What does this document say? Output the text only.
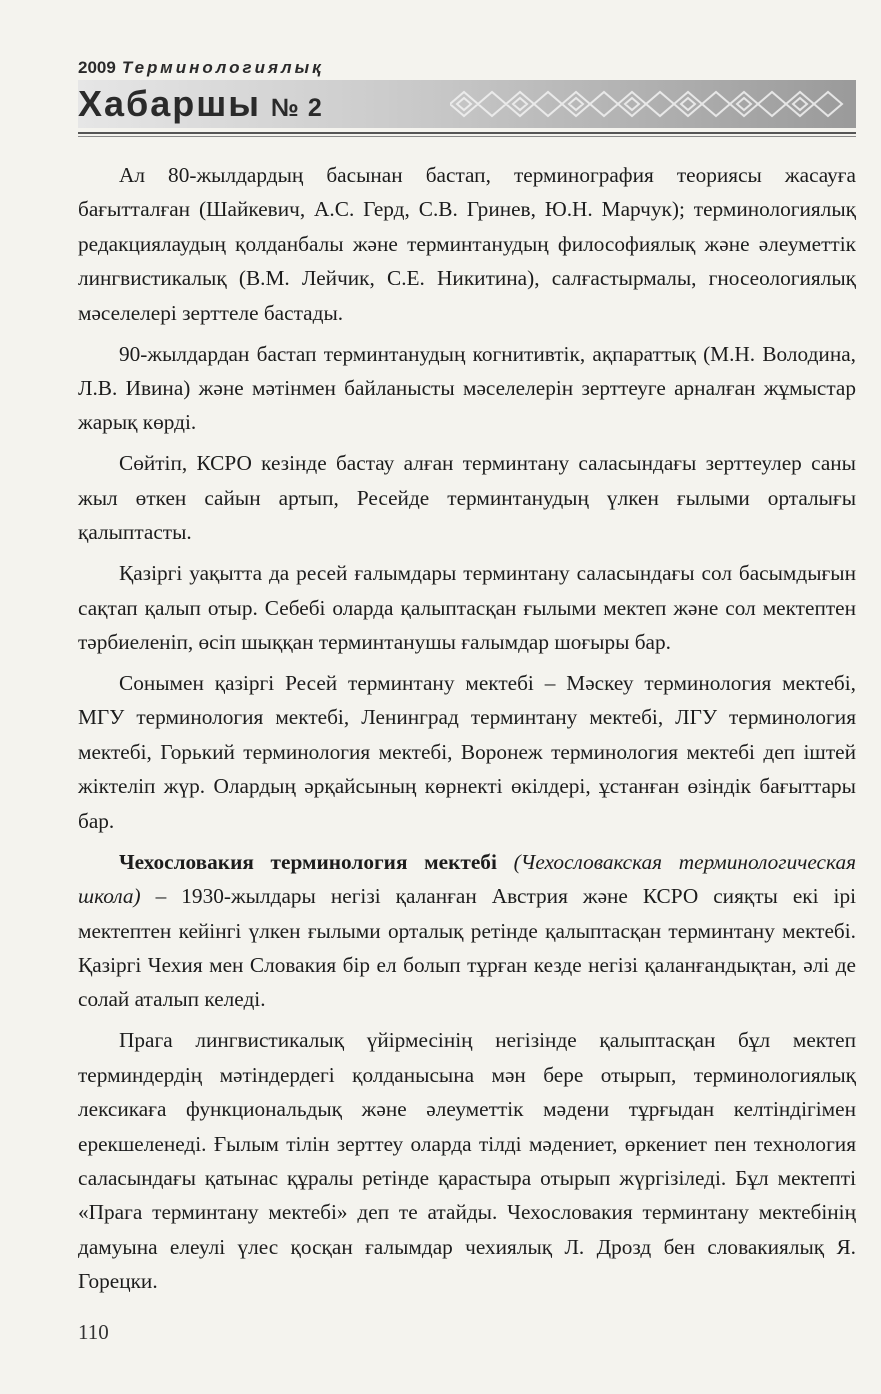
2009 Терминологиялық
Хабаршы № 2

Ал 80-жылдардың басынан бастап, терминография теориясы жасауға бағытталған (Шайкевич, А.С. Герд, С.В. Гринев, Ю.Н. Марчук); терминологиялық редакциялаудың қолданбалы және терминтанудың философиялық және әлеуметтік лингвистикалық (В.М. Лейчик, С.Е. Никитина), салғастырмалы, гносеологиялық мәселелері зерттеле бастады.

90-жылдардан бастап терминтанудың когнитивтік, ақпараттық (М.Н. Володина, Л.В. Ивина) және мәтінмен байланысты мәселелерін зерттеуге арналған жұмыстар жарық көрді.

Сөйтіп, КСРО кезінде бастау алған терминтану саласындағы зерттеулер саны жыл өткен сайын артып, Ресейде терминтанудың үлкен ғылыми орталығы қалыптасты.

Қазіргі уақытта да ресей ғалымдары терминтану саласындағы сол басымдығын сақтап қалып отыр. Себебі оларда қалыптасқан ғылыми мектеп және сол мектептен тәрбиеленіп, өсіп шыққан терминтанушы ғалымдар шоғыры бар.

Сонымен қазіргі Ресей терминтану мектебі – Мәскеу терминология мектебі, МГУ терминология мектебі, Ленинград терминтану мектебі, ЛГУ терминология мектебі, Горький терминология мектебі, Воронеж терминология мектебі деп іштей жіктеліп жүр. Олардың әрқайсының көрнекті өкілдері, ұстанған өзіндік бағыттары бар.

Чехословакия терминология мектебі (Чехословакская терминологическая школа) – 1930-жылдары негізі қаланған Австрия және КСРО сияқты екі ірі мектептен кейінгі үлкен ғылыми орталық ретінде қалыптасқан терминтану мектебі. Қазіргі Чехия мен Словакия бір ел болып тұрған кезде негізі қаланғандықтан, әлі де солай аталып келеді.

Прага лингвистикалық үйірмесінің негізінде қалыптасқан бұл мектеп терминдердің мәтіндердегі қолданысына мән бере отырып, терминологиялық лексикаға функциональдық және әлеуметтік мәдени тұрғыдан келтіндігімен ерекшеленеді. Ғылым тілін зерттеу оларда тілді мәдениет, өркениет пен технология саласындағы қатынас құралы ретінде қарастыра отырып жүргізіледі. Бұл мектепті «Прага терминтану мектебі» деп те атайды. Чехословакия терминтану мектебінің дамуына елеулі үлес қосқан ғалымдар чехиялық Л. Дрозд бен словакиялық Я. Горецки.

110
